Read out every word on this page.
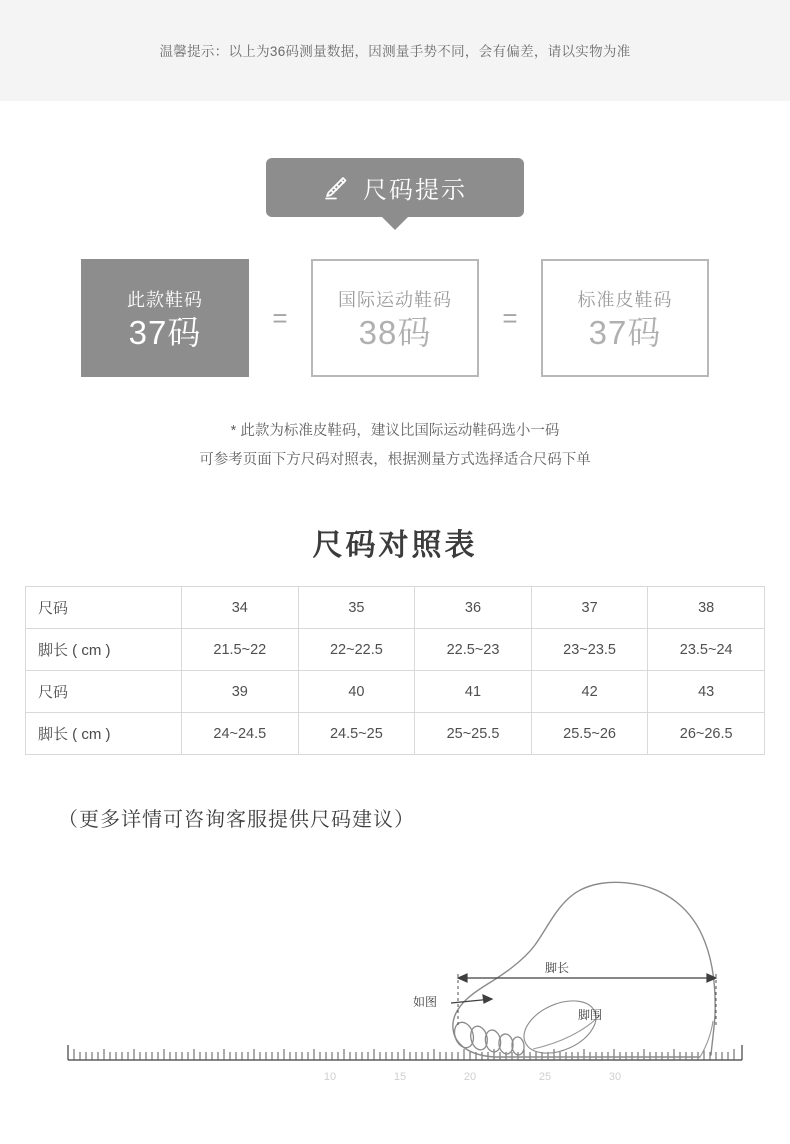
温馨提示：以上为36码测量数据，因测量手势不同，会有偏差，请以实物为准
尺码提示
此款鞋码
37码	=
国际运动鞋码
38码	=
标准皮鞋码
37码
* 此款为标准皮鞋码，建议比国际运动鞋码选小一码
可参考页面下方尺码对照表，根据测量方式选择适合尺码下单
尺码对照表
尺码	34	35	36	37	38
脚长 ( cm )	21.5~22	22~22.5	22.5~23	23~23.5	23.5~24
尺码	39	40	41	42	43
脚长 ( cm )	24~24.5	24.5~25	25~25.5	25.5~26	26~26.5
（更多详情可咨询客服提供尺码建议）
10	15	20	25	30
脚长
如图
脚围
